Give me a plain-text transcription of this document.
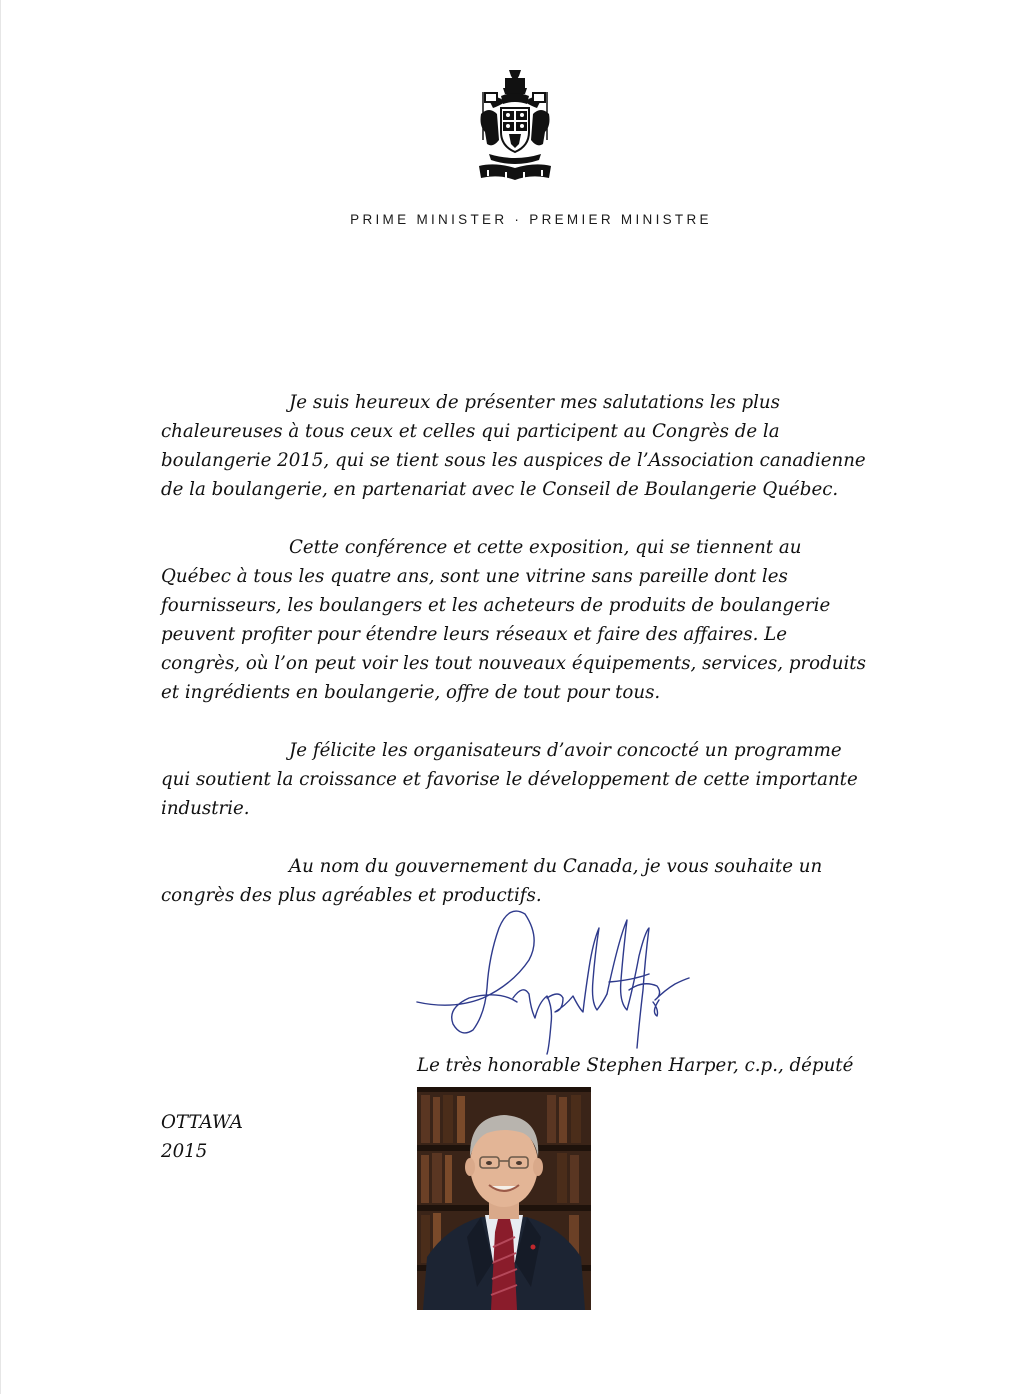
PRIME MINISTER · PREMIER MINISTRE

Je suis heureux de présenter mes salutations les plus chaleureuses à tous ceux et celles qui participent au Congrès de la boulangerie 2015, qui se tient sous les auspices de l’Association canadienne de la boulangerie, en partenariat avec le Conseil de Boulangerie Québec.

Cette conférence et cette exposition, qui se tiennent au Québec à tous les quatre ans, sont une vitrine sans pareille dont les fournisseurs, les boulangers et les acheteurs de produits de boulangerie peuvent profiter pour étendre leurs réseaux et faire des affaires. Le congrès, où l’on peut voir les tout nouveaux équipements, services, produits et ingrédients en boulangerie, offre de tout pour tous.

Je félicite les organisateurs d’avoir concocté un programme qui soutient la croissance et favorise le développement de cette importante industrie.

Au nom du gouvernement du Canada, je vous souhaite un congrès des plus agréables et productifs.

Le très honorable Stephen Harper, c.p., député
OTTAWA
2015
